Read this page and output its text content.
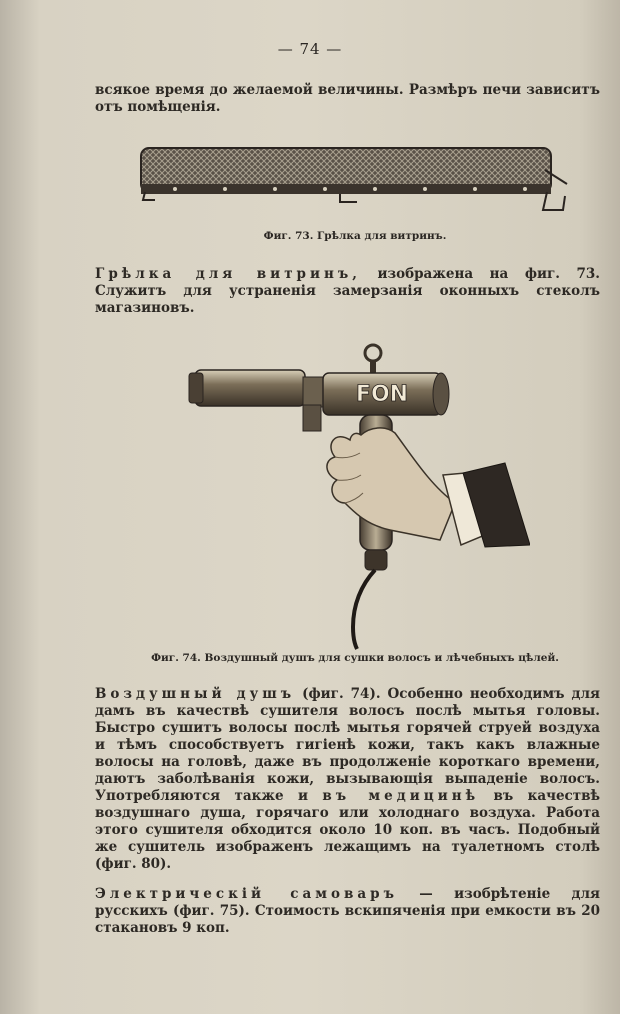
— 74 —
всякое время до желаемой величины. Размѣръ печи зависитъ отъ помѣщенія.
Фиг. 73. Грѣлка для витринъ.
Грѣлка для витринъ, изображена на фиг. 73. Служитъ для устраненія замерзанія оконныхъ стеколъ магазиновъ.
FON
Фиг. 74. Воздушный душъ для сушки волосъ и лѣчебныхъ цѣлей.
Воздушный душъ (фиг. 74). Особенно необходимъ для дамъ въ качествѣ сушителя волосъ послѣ мытья головы. Быстро сушитъ волосы послѣ мытья горячей струей воздуха и тѣмъ способствуетъ гигіенѣ кожи, такъ какъ влажные волосы на головѣ, даже въ продолженіе короткаго времени, даютъ заболѣванія кожи, вызывающія выпаденіе волосъ. Употребляются также и въ медицинѣ въ качествѣ воздушнаго душа, горячаго или холоднаго воздуха. Работа этого сушителя обходится около 10 коп. въ часъ. Подобный же сушитель изображенъ лежащимъ на туалетномъ столѣ (фиг. 80).
Электрическій самоваръ — изобрѣтеніе для русскихъ (фиг. 75). Стоимость вскипяченія при емкости въ 20 стакановъ 9 коп.
